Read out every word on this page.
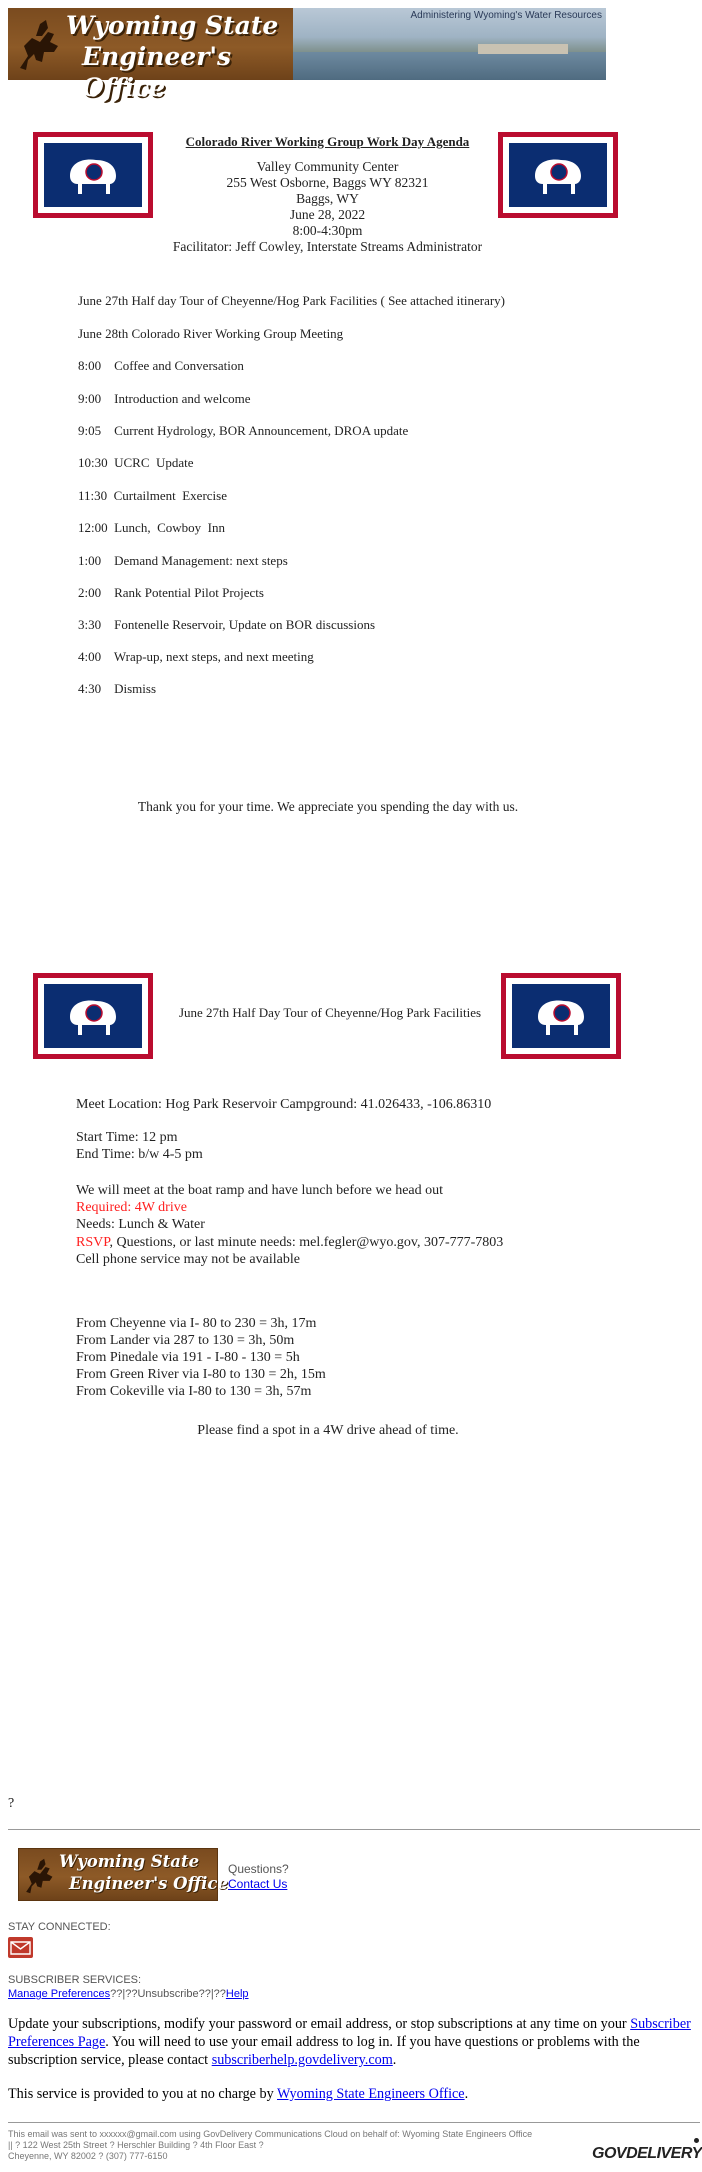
Wyoming State
Engineer's Office
Administering Wyoming's Water Resources
Colorado River Working Group Work Day Agenda
Valley Community Center
255 West Osborne, Baggs WY 82321
Baggs, WY
June 28, 2022
8:00-4:30pm
Facilitator: Jeff Cowley, Interstate Streams Administrator
June 27th Half day Tour of Cheyenne/Hog Park Facilities ( See attached itinerary)
June 28th Colorado River Working Group Meeting
8:00    Coffee and Conversation
9:00    Introduction and welcome
9:05    Current Hydrology, BOR Announcement, DROA update
10:30  UCRC  Update
11:30  Curtailment  Exercise
12:00  Lunch,  Cowboy  Inn
1:00    Demand Management: next steps
2:00    Rank Potential Pilot Projects
3:30    Fontenelle Reservoir, Update on BOR discussions
4:00    Wrap-up, next steps, and next meeting
4:30    Dismiss
Thank you for your time. We appreciate you spending the day with us.
June 27th Half Day Tour of Cheyenne/Hog Park Facilities
Meet Location: Hog Park Reservoir Campground: 41.026433, -106.86310
Start Time: 12 pm
End Time: b/w 4-5 pm
We will meet at the boat ramp and have lunch before we head out
Required: 4W drive
Needs: Lunch & Water
RSVP, Questions, or last minute needs: mel.fegler@wyo.gov, 307-777-7803
Cell phone service may not be available
From Cheyenne via I- 80 to 230 = 3h, 17m
From Lander via 287 to 130 = 3h, 50m
From Pinedale via 191 - I-80 - 130 = 5h
From Green River via I-80 to 130 = 2h, 15m
From Cokeville via I-80 to 130 = 3h, 57m
Please find a spot in a 4W drive ahead of time.
?
Wyoming State
Engineer's Office
Questions?
Contact Us
STAY CONNECTED:
SUBSCRIBER SERVICES:
Manage Preferences??|??Unsubscribe??|??Help
Update your subscriptions, modify your password or email address, or stop subscriptions at any time on your Subscriber Preferences Page. You will need to use your email address to log in. If you have questions or problems with the subscription service, please contact subscriberhelp.govdelivery.com.
This service is provided to you at no charge by Wyoming State Engineers Office.
This email was sent to xxxxxx@gmail.com using GovDelivery Communications Cloud on behalf of: Wyoming State Engineers Office
|| ? 122 West 25th Street ? Herschler Building ? 4th Floor East ?
Cheyenne, WY 82002 ? (307) 777-6150	GOVDELIVERY
